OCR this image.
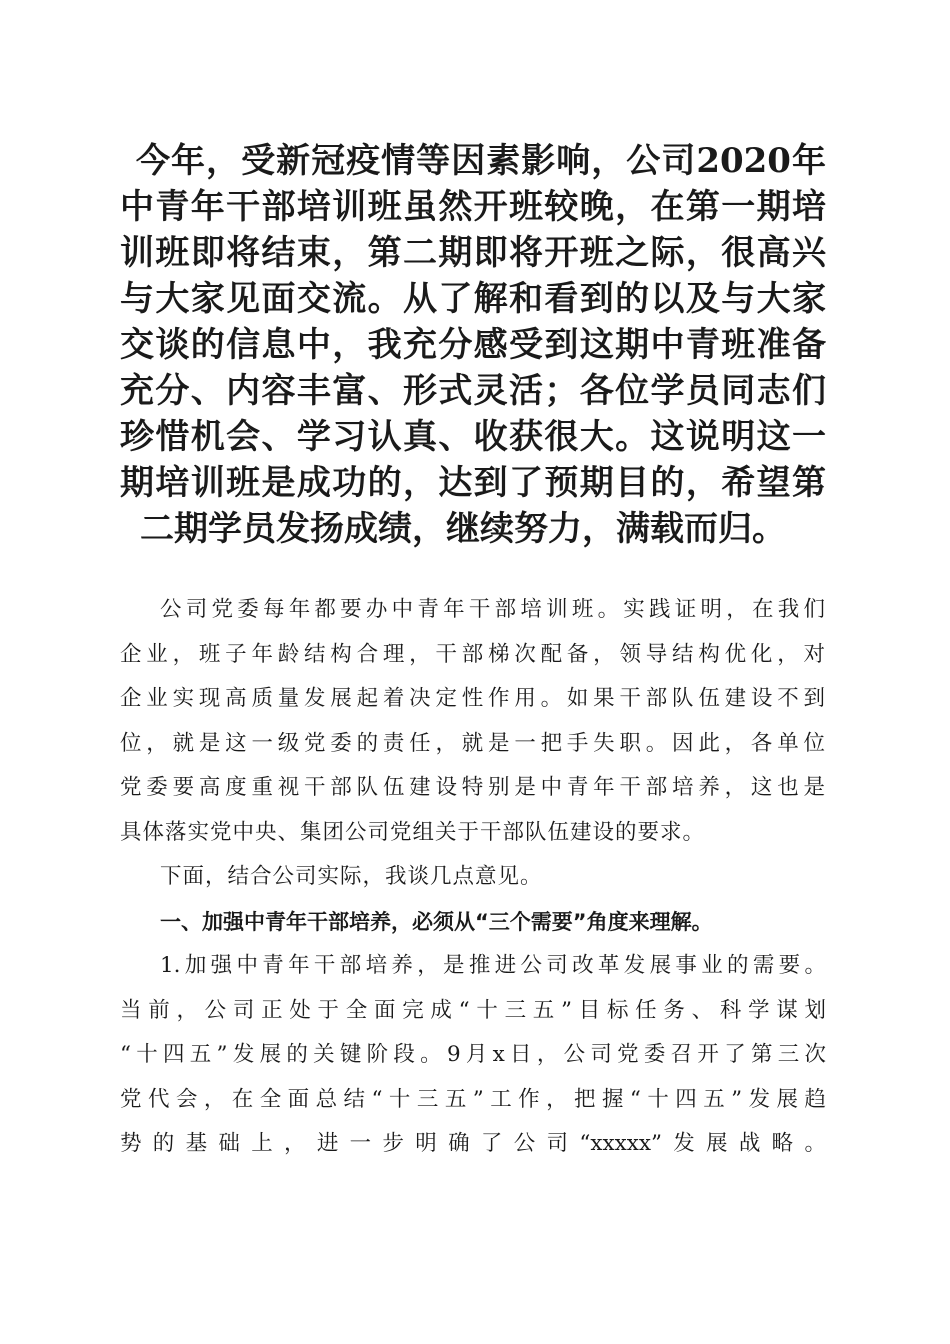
今年，受新冠疫情等因素影响，公司2020年
中青年干部培训班虽然开班较晚，在第一期培
训班即将结束，第二期即将开班之际，很高兴
与大家见面交流。从了解和看到的以及与大家
交谈的信息中，我充分感受到这期中青班准备
充分、内容丰富、形式灵活；各位学员同志们
珍惜机会、学习认真、收获很大。这说明这一
期培训班是成功的，达到了预期目的，希望第
二期学员发扬成绩，继续努力，满载而归。
公司党委每年都要办中青年干部培训班。实践证明，在我们
企业，班子年龄结构合理，干部梯次配备，领导结构优化，对
企业实现高质量发展起着决定性作用。如果干部队伍建设不到
位，就是这一级党委的责任，就是一把手失职。因此，各单位
党委要高度重视干部队伍建设特别是中青年干部培养，这也是
具体落实党中央、集团公司党组关于干部队伍建设的要求。
下面，结合公司实际，我谈几点意见。
一、加强中青年干部培养，必须从“三个需要”角度来理解。
1.加强中青年干部培养，是推进公司改革发展事业的需要。
当前，公司正处于全面完成“十三五”目标任务、科学谋划
“十四五”发展的关键阶段。9月x日，公司党委召开了第三次
党代会，在全面总结“十三五”工作，把握“十四五”发展趋
势的基础上，进一步明确了公司“xxxxx”发展战略。
